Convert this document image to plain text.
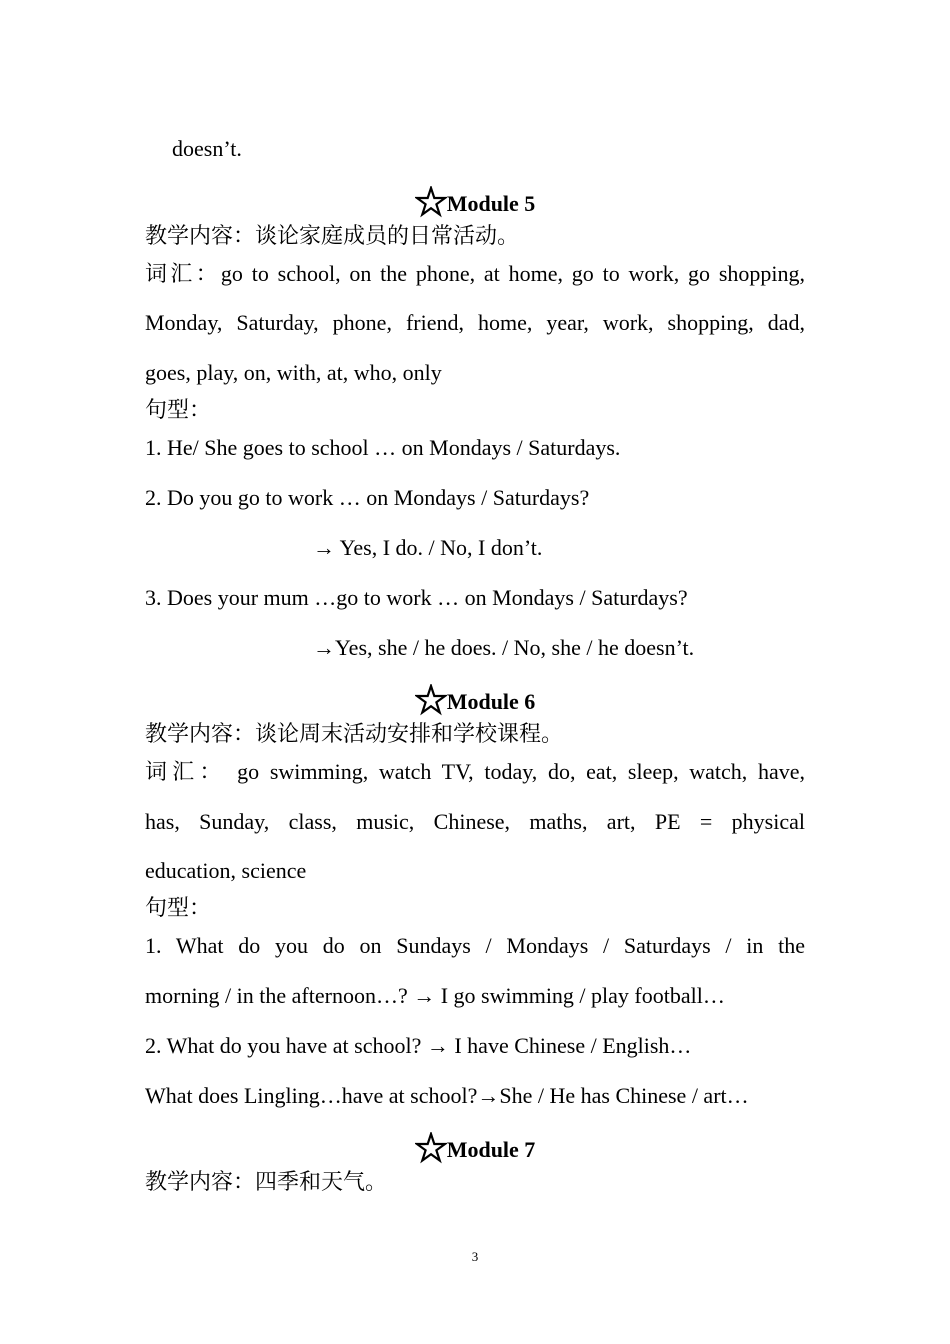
doesn’t.
Module 5
教学内容：谈论家庭成员的日常活动。
词汇：go to school, on the phone, at home, go to work, go shopping,
Monday, Saturday, phone, friend, home, year, work, shopping, dad,
goes, play, on, with, at, who, only
句型：
1. He/ She goes to school … on Mondays / Saturdays.
2. Do you go to work … on Mondays / Saturdays?
→ Yes, I do. / No, I don’t.
3. Does your mum …go to work … on Mondays / Saturdays?
→Yes, she / he does. / No, she / he doesn’t.
Module 6
教学内容：谈论周末活动安排和学校课程。
词汇： go swimming, watch TV, today, do, eat, sleep, watch, have,
has, Sunday, class, music, Chinese, maths, art, PE = physical
education, science
句型：
1. What do you do on Sundays / Mondays / Saturdays / in the
morning / in the afternoon…? → I go swimming / play football…
2. What do you have at school? → I have Chinese / English…
What does Lingling…have at school?→She / He has Chinese / art…
Module 7
教学内容：四季和天气。
3
